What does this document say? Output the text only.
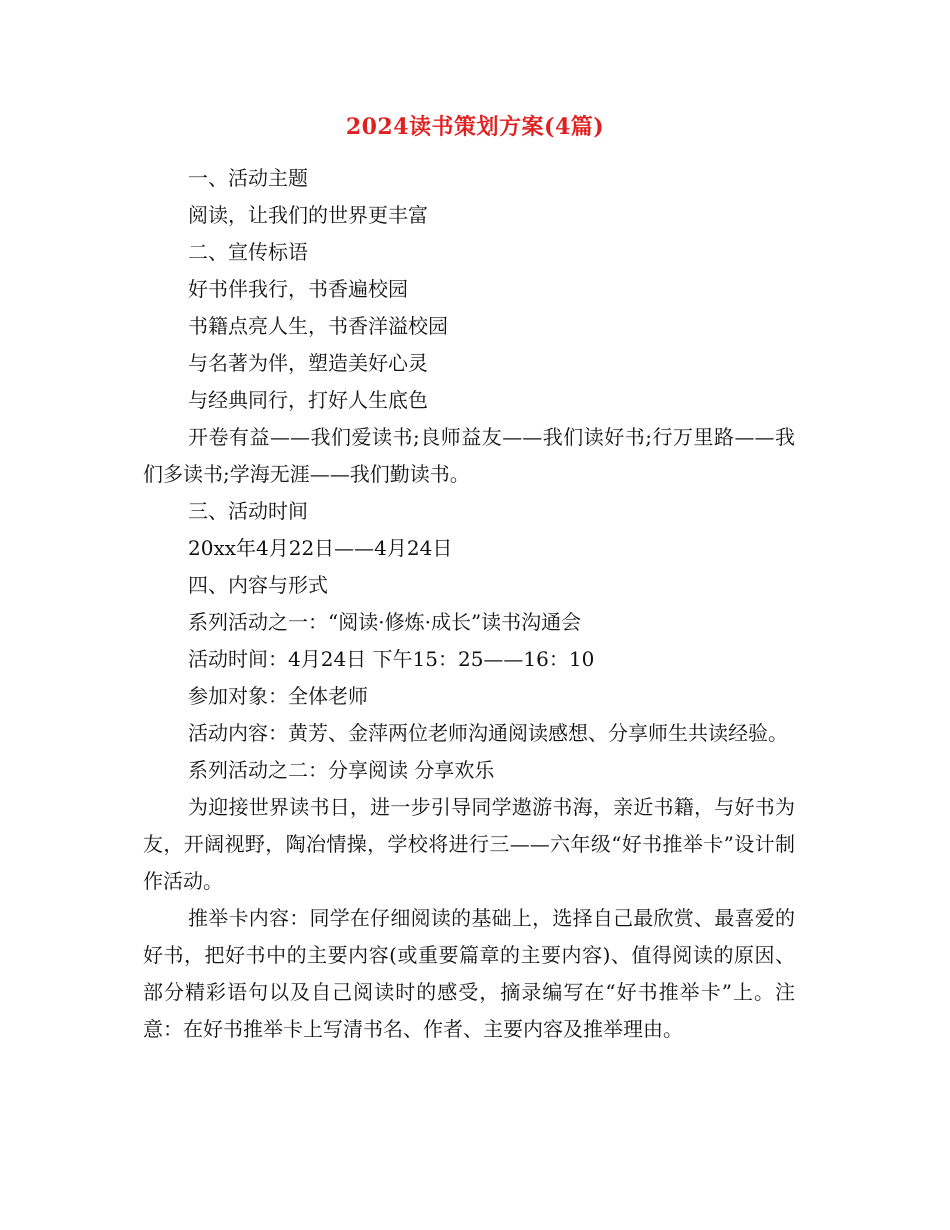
2024读书策划方案(4篇)

一、活动主题

阅读，让我们的世界更丰富

二、宣传标语

好书伴我行，书香遍校园

书籍点亮人生，书香洋溢校园

与名著为伴，塑造美好心灵

与经典同行，打好人生底色

开卷有益——我们爱读书;良师益友——我们读好书;行万里路——我们多读书;学海无涯——我们勤读书。

三、活动时间

20xx年4月22日——4月24日

四、内容与形式

系列活动之一：“阅读·修炼·成长”读书沟通会

活动时间：4月24日 下午15：25——16：10

参加对象：全体老师

活动内容：黄芳、金萍两位老师沟通阅读感想、分享师生共读经验。

系列活动之二：分享阅读 分享欢乐

为迎接世界读书日，进一步引导同学遨游书海，亲近书籍，与好书为友，开阔视野，陶冶情操，学校将进行三——六年级“好书推举卡”设计制作活动。

推举卡内容：同学在仔细阅读的基础上，选择自己最欣赏、最喜爱的好书，把好书中的主要内容(或重要篇章的主要内容)、值得阅读的原因、部分精彩语句以及自己阅读时的感受，摘录编写在“好书推举卡”上。注意：在好书推举卡上写清书名、作者、主要内容及推举理由。
